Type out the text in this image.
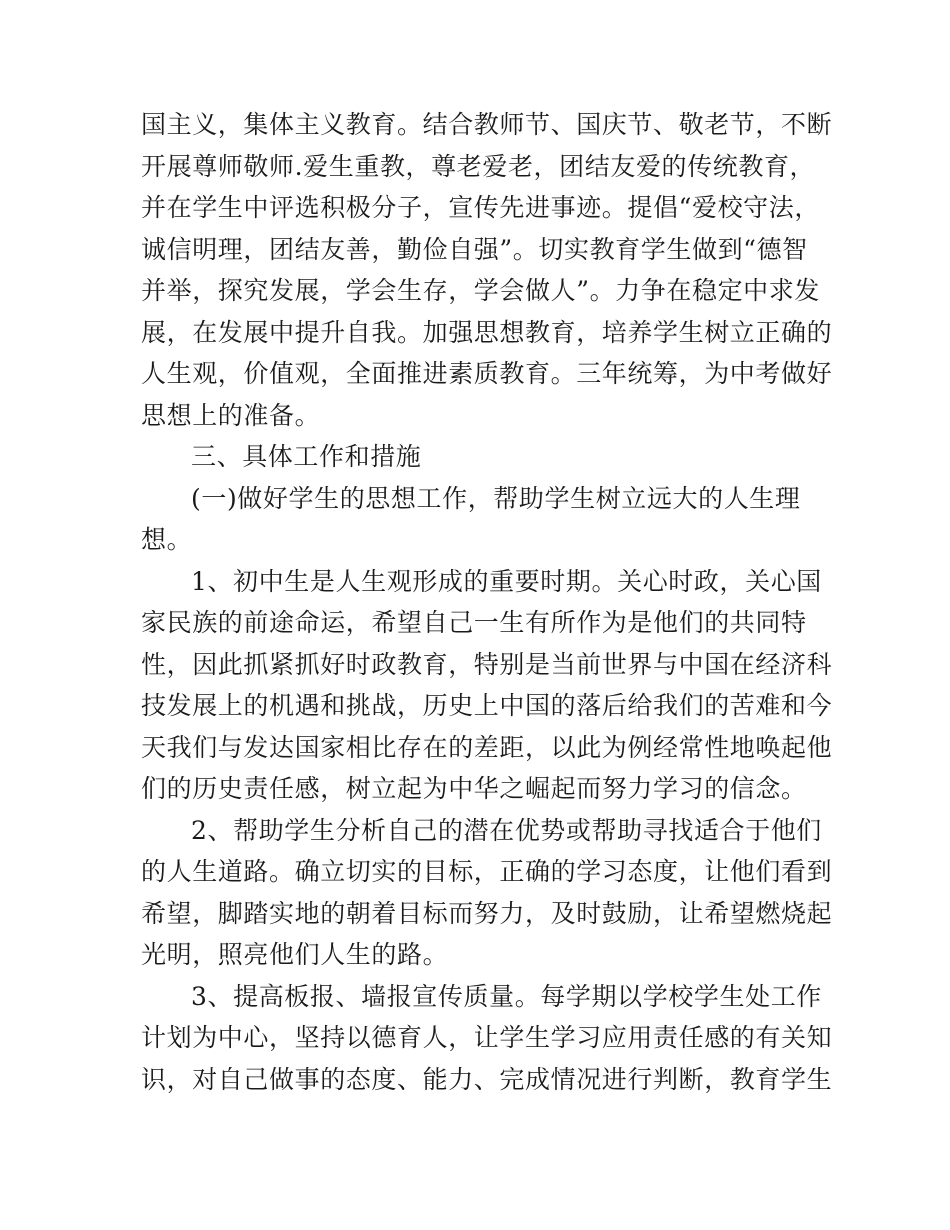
国主义，集体主义教育。结合教师节、国庆节、敬老节，不断
开展尊师敬师.爱生重教，尊老爱老，团结友爱的传统教育，
并在学生中评选积极分子，宣传先进事迹。提倡“爱校守法，
诚信明理，团结友善，勤俭自强”。切实教育学生做到“德智
并举，探究发展，学会生存，学会做人”。力争在稳定中求发
展，在发展中提升自我。加强思想教育，培养学生树立正确的
人生观，价值观，全面推进素质教育。三年统筹，为中考做好
思想上的准备。
三、具体工作和措施
(一)做好学生的思想工作，帮助学生树立远大的人生理
想。
1、初中生是人生观形成的重要时期。关心时政，关心国
家民族的前途命运，希望自己一生有所作为是他们的共同特
性，因此抓紧抓好时政教育，特别是当前世界与中国在经济科
技发展上的机遇和挑战，历史上中国的落后给我们的苦难和今
天我们与发达国家相比存在的差距，以此为例经常性地唤起他
们的历史责任感，树立起为中华之崛起而努力学习的信念。
2、帮助学生分析自己的潜在优势或帮助寻找适合于他们
的人生道路。确立切实的目标，正确的学习态度，让他们看到
希望，脚踏实地的朝着目标而努力，及时鼓励，让希望燃烧起
光明，照亮他们人生的路。
3、提高板报、墙报宣传质量。每学期以学校学生处工作
计划为中心，坚持以德育人，让学生学习应用责任感的有关知
识，对自己做事的态度、能力、完成情况进行判断，教育学生
